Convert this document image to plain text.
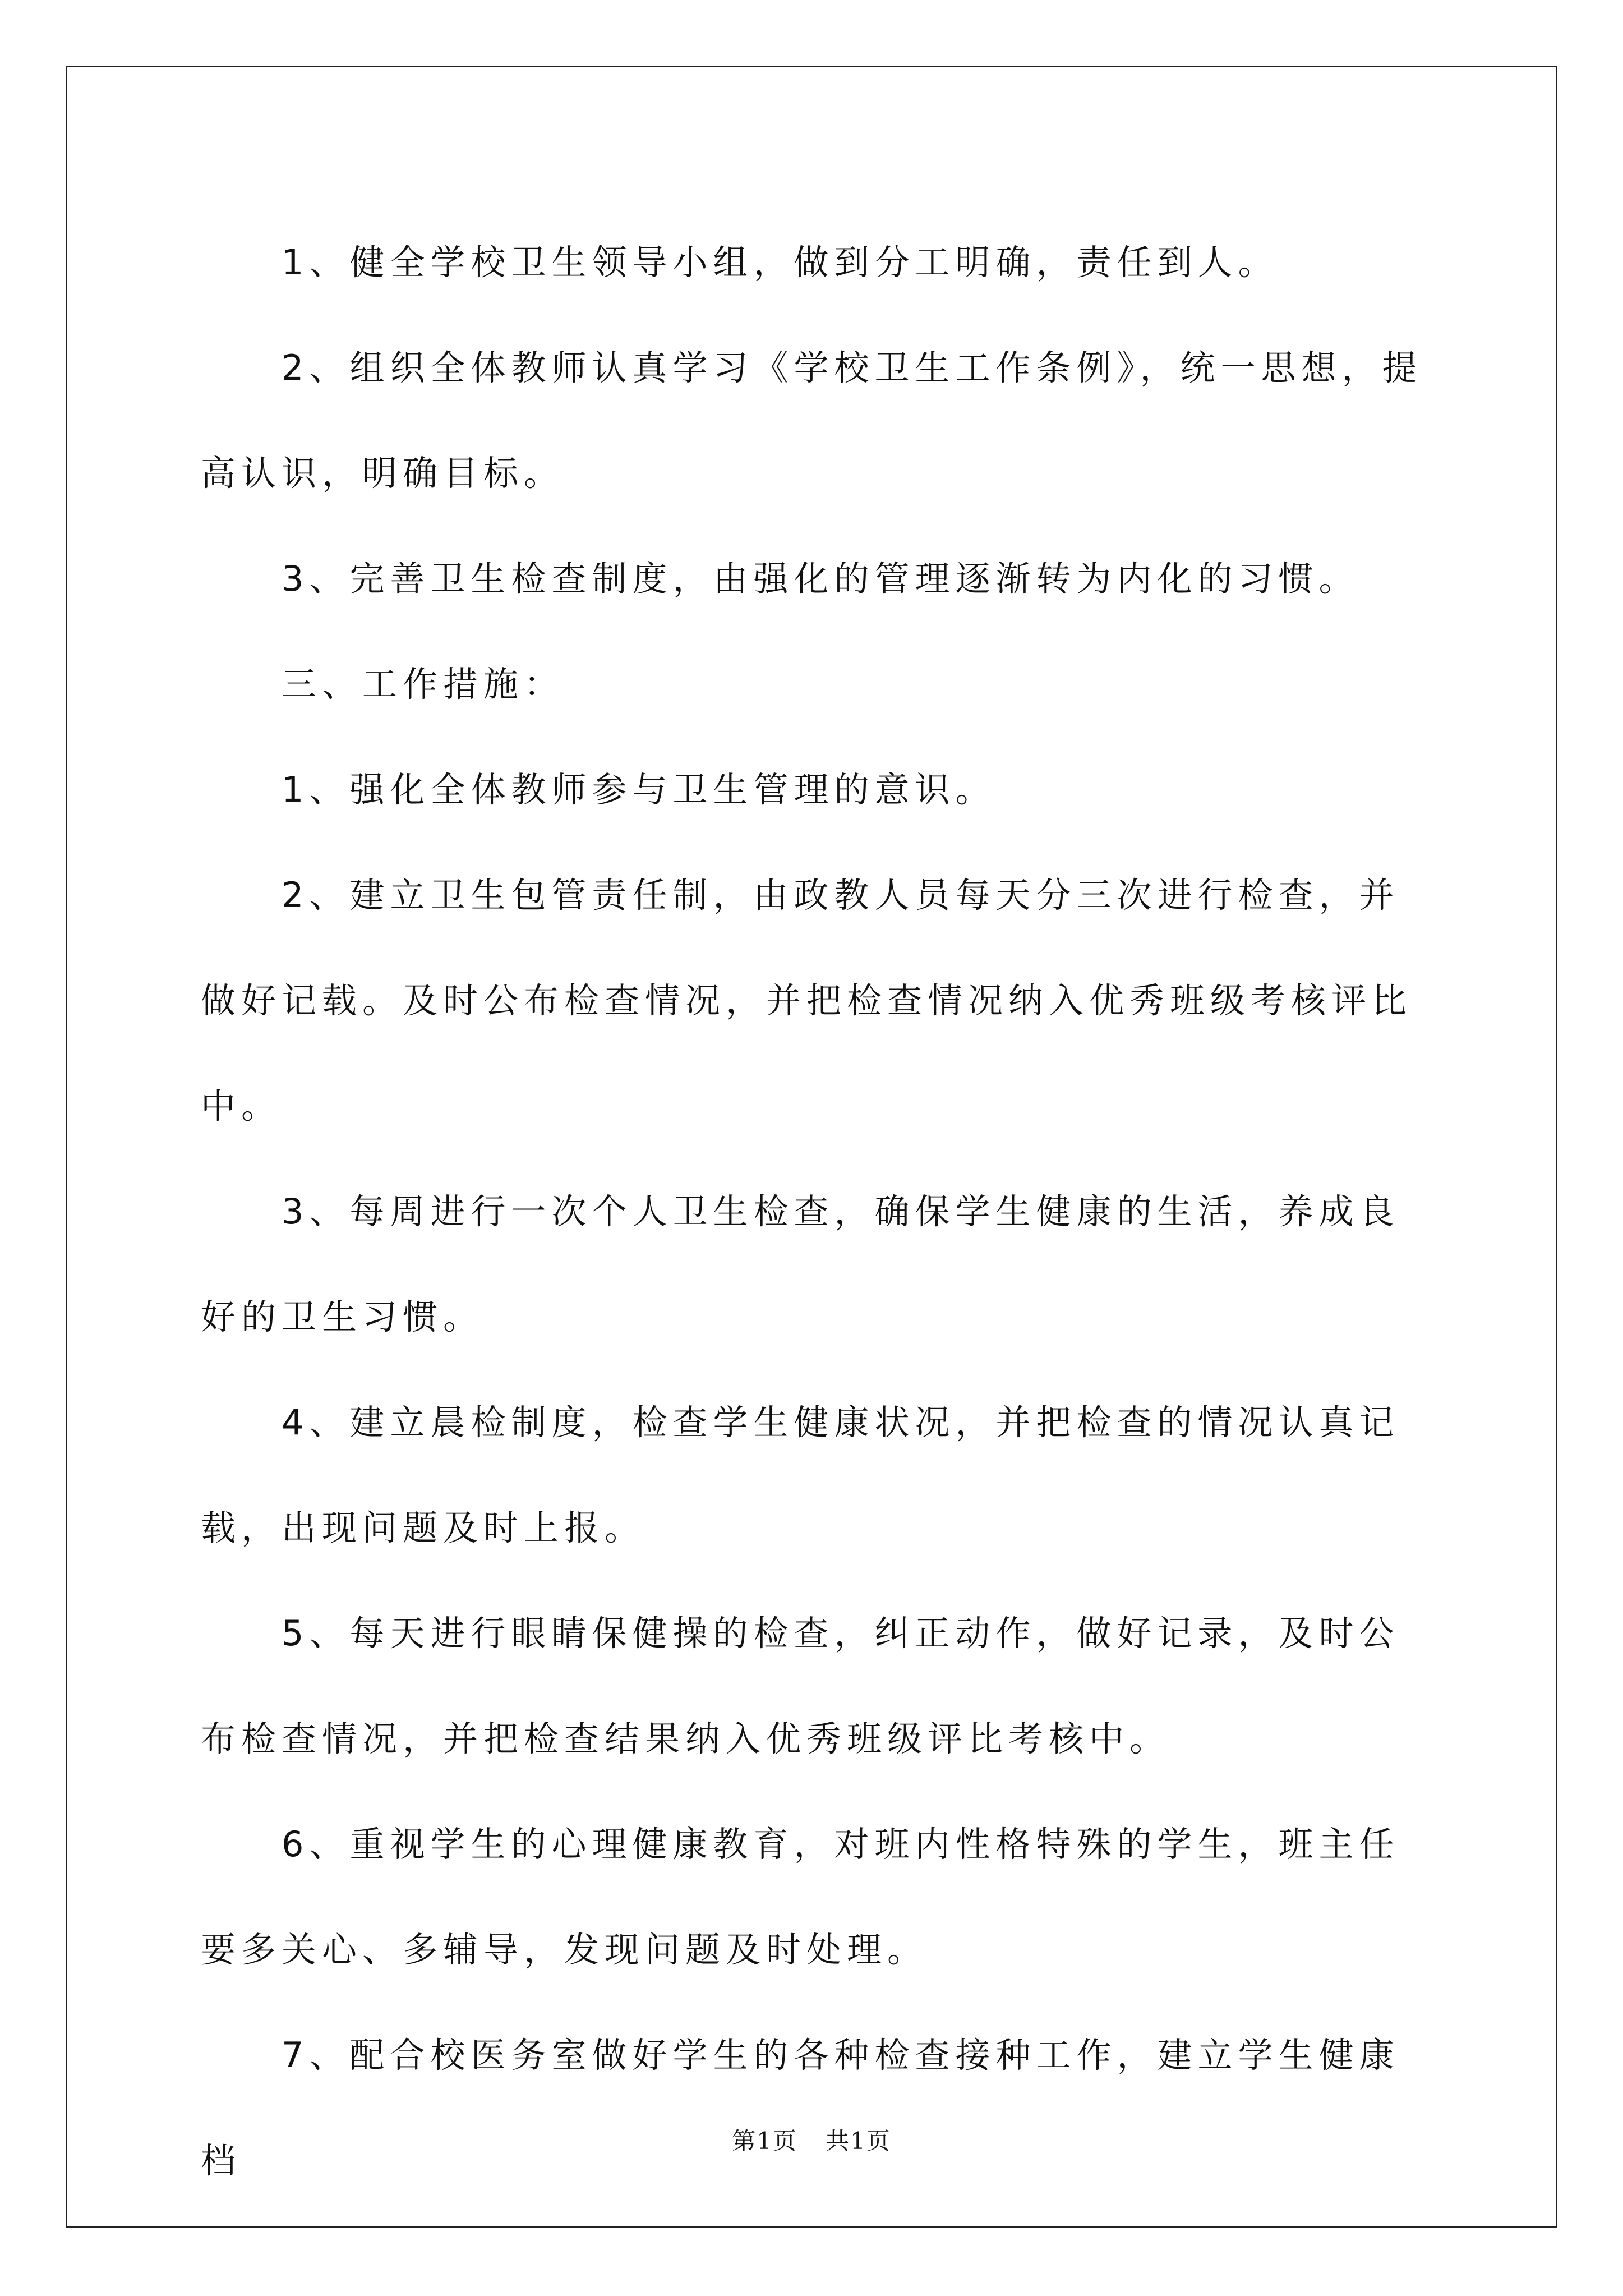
1、健全学校卫生领导小组，做到分工明确，责任到人。

2、组织全体教师认真学习《学校卫生工作条例》，统一思想，提高认识，明确目标。

3、完善卫生检查制度，由强化的管理逐渐转为内化的习惯。

三、工作措施：

1、强化全体教师参与卫生管理的意识。

2、建立卫生包管责任制，由政教人员每天分三次进行检查，并做好记载。及时公布检查情况，并把检查情况纳入优秀班级考核评比中。

3、每周进行一次个人卫生检查，确保学生健康的生活，养成良好的卫生习惯。

4、建立晨检制度，检查学生健康状况，并把检查的情况认真记载，出现问题及时上报。

5、每天进行眼睛保健操的检查，纠正动作，做好记录，及时公布检查情况，并把检查结果纳入优秀班级评比考核中。

6、重视学生的心理健康教育，对班内性格特殊的学生，班主任要多关心、多辅导，发现问题及时处理。

7、配合校医务室做好学生的各种检查接种工作，建立学生健康档	第1页 共1页
